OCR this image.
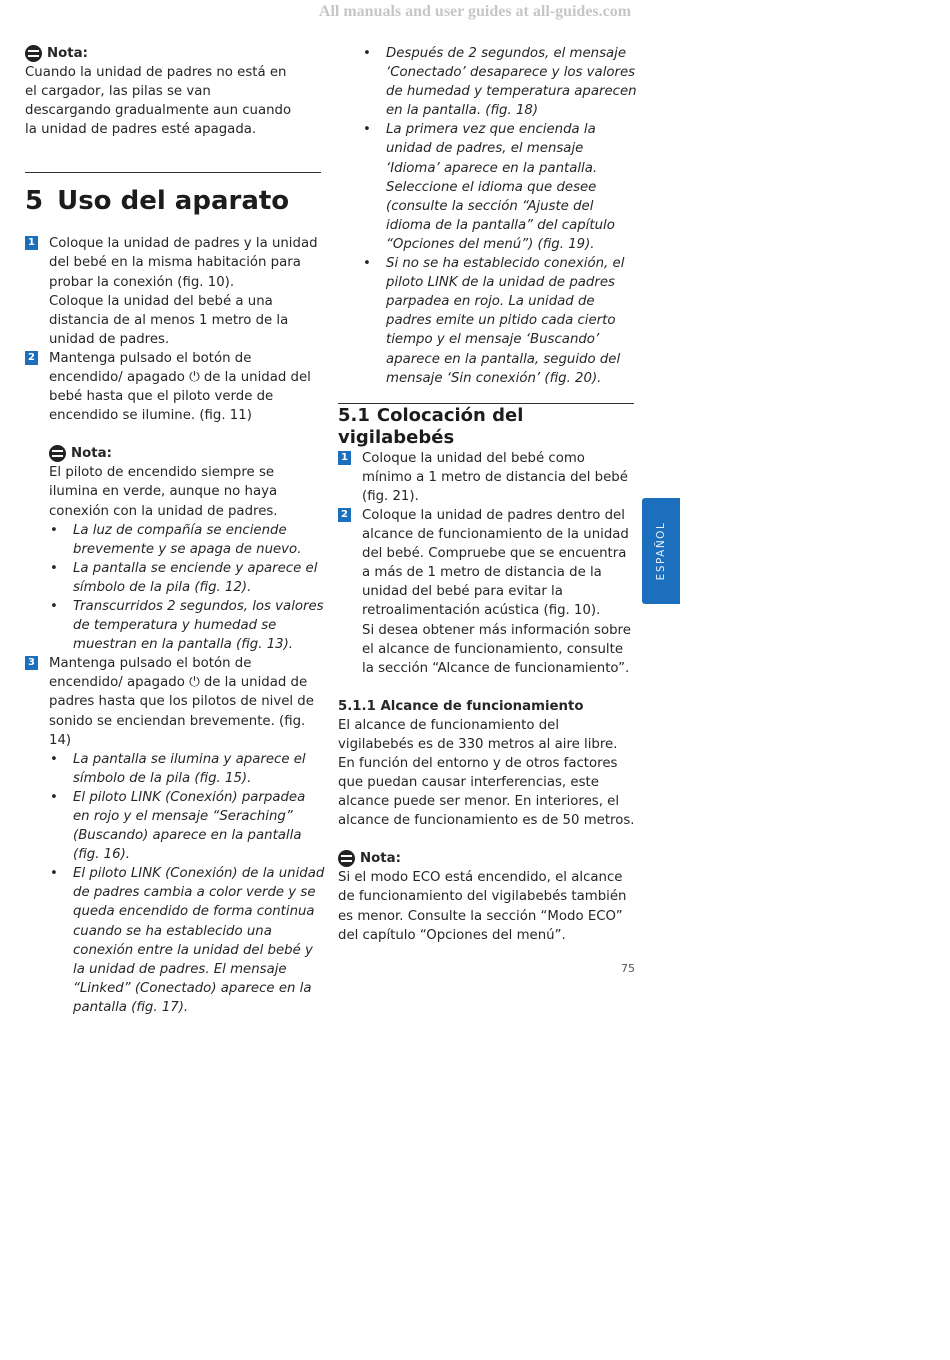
All manuals and user guides at all-guides.com
Nota:

Cuando la unidad de padres no está en el cargador, las pilas se van descargando gradualmente aun cuando la unidad de padres esté apagada.

5 Uso del aparato
1 Coloque la unidad de padres y la unidad del bebé en la misma habitación para probar la conexión (fig. 10).

Coloque la unidad del bebé a una distancia de al menos 1 metro de la unidad de padres.

2 Mantenga pulsado el botón de encendido/ apagado ⏻ de la unidad del bebé hasta que el piloto verde de encendido se ilumine. (fig. 11)

Nota:

El piloto de encendido siempre se ilumina en verde, aunque no haya conexión con la unidad de padres.

• La luz de compañía se enciende brevemente y se apaga de nuevo.
• La pantalla se enciende y aparece el símbolo de la pila (fig. 12).
• Transcurridos 2 segundos, los valores de temperatura y humedad se muestran en la pantalla (fig. 13).
3 Mantenga pulsado el botón de encendido/ apagado ⏻ de la unidad de padres hasta que los pilotos de nivel de sonido se enciendan brevemente. (fig. 14)

• La pantalla se ilumina y aparece el símbolo de la pila (fig. 15).
• El piloto LINK (Conexión) parpadea en rojo y el mensaje “Seraching” (Buscando) aparece en la pantalla (fig. 16).
• El piloto LINK (Conexión) de la unidad de padres cambia a color verde y se queda encendido de forma continua cuando se ha establecido una conexión entre la unidad del bebé y la unidad de padres. El mensaje “Linked” (Conectado) aparece en la pantalla (fig. 17).
• Después de 2 segundos, el mensaje ‘Conectado’ desaparece y los valores de humedad y temperatura aparecen en la pantalla. (fig. 18)
• La primera vez que encienda la unidad de padres, el mensaje ‘Idioma’ aparece en la pantalla. Seleccione el idioma que desee (consulte la sección “Ajuste del idioma de la pantalla” del capítulo “Opciones del menú”) (fig. 19).
• Si no se ha establecido conexión, el piloto LINK de la unidad de padres parpadea en rojo. La unidad de padres emite un pitido cada cierto tiempo y el mensaje ‘Buscando’ aparece en la pantalla, seguido del mensaje ‘Sin conexión’ (fig. 20).
5.1 Colocación del vigilabebés
1 Coloque la unidad del bebé como mínimo a 1 metro de distancia del bebé (fig. 21).

2 Coloque la unidad de padres dentro del alcance de funcionamiento de la unidad del bebé. Compruebe que se encuentra a más de 1 metro de distancia de la unidad del bebé para evitar la retroalimentación acústica (fig. 10).

Si desea obtener más información sobre el alcance de funcionamiento, consulte la sección “Alcance de funcionamiento”.

5.1.1 Alcance de funcionamiento

El alcance de funcionamiento del vigilabebés es de 330 metros al aire libre. En función del entorno y de otros factores que puedan causar interferencias, este alcance puede ser menor. En interiores, el alcance de funcionamiento es de 50 metros.

Nota:

Si el modo ECO está encendido, el alcance de funcionamiento del vigilabebés también es menor. Consulte la sección “Modo ECO” del capítulo “Opciones del menú”.

ESPAÑOL
75
